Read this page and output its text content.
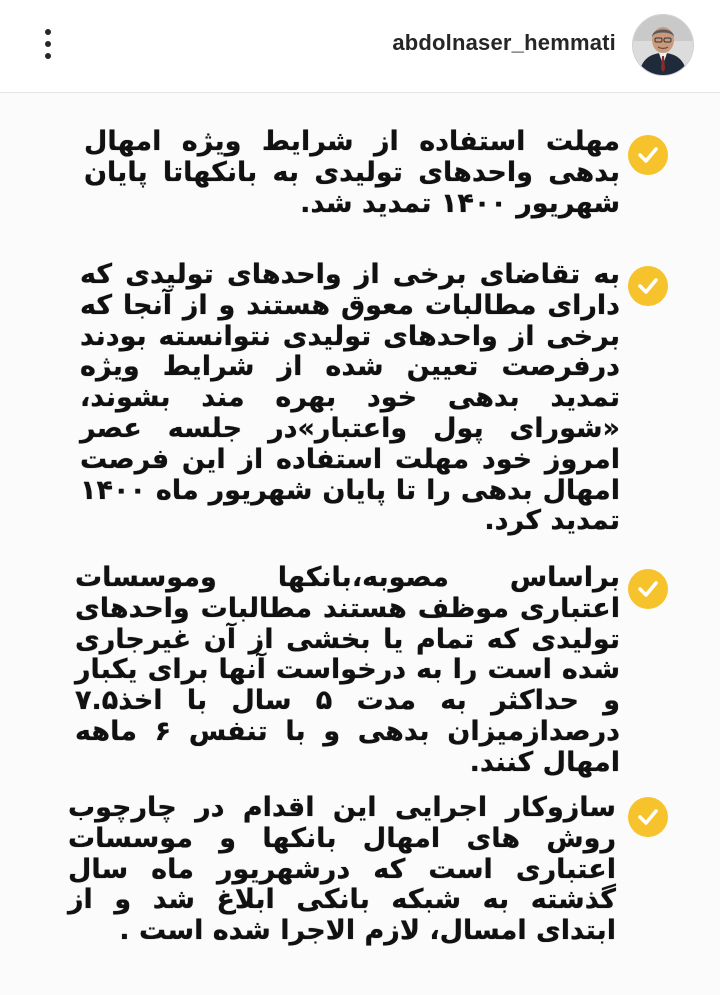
abdolnaser_hemmati
مهلت استفاده از شرایط ویژه امهال بدهی واحدهای تولیدی به بانکهاتا پایان شهریور ۱۴۰۰ تمدید شد.
به تقاضای برخی از واحدهای تولیدی که دارای مطالبات معوق هستند و از آنجا که برخی از واحدهای تولیدی نتوانسته بودند درفرصت تعیین شده از شرایط ویژه تمدید بدهی خود بهره مند بشوند، «شورای پول واعتبار»در جلسه عصر امروز خود مهلت استفاده از این فرصت امهال بدهی را تا پایان شهریور ماه ۱۴۰۰ تمدید کرد.
براساس مصوبه،بانکها وموسسات اعتباری موظف هستند مطالبات واحدهای تولیدی که تمام یا بخشی از آن غیرجاری شده است را به درخواست آنها برای یکبار و حداکثر به مدت ۵ سال با اخذ۷.۵ درصدازمیزان بدهی و با تنفس ۶ ماهه امهال کنند.
سازوکار اجرایی این اقدام در چارچوب روش های امهال بانکها و موسسات اعتباری است که درشهریور ماه سال گذشته به شبکه بانکی ابلاغ شد و از ابتدای امسال، لازم الاجرا شده است .
